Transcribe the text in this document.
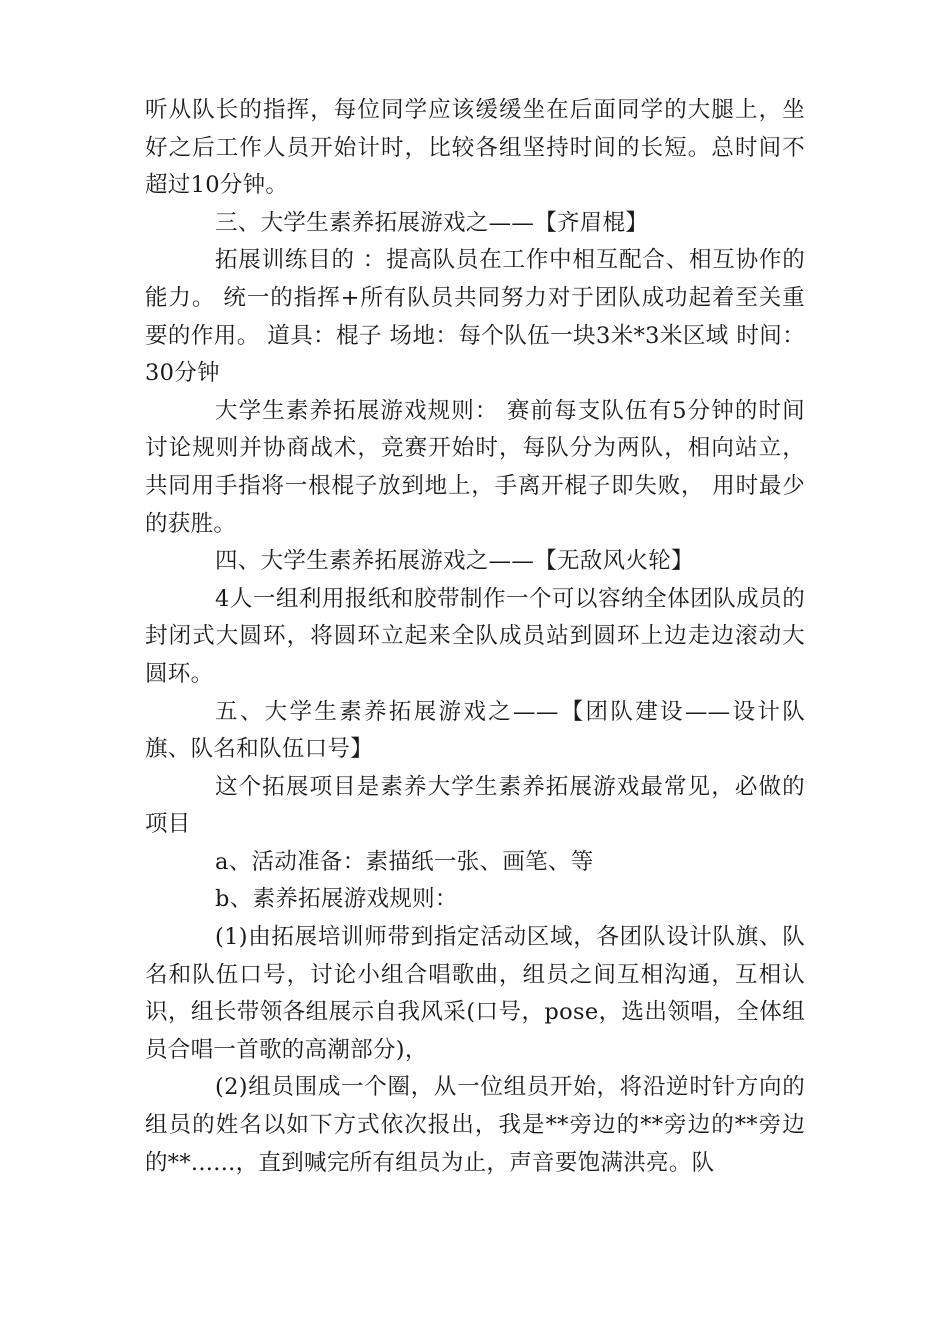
听从队长的指挥，每位同学应该缓缓坐在后面同学的大腿上，坐好之后工作人员开始计时，比较各组坚持时间的长短。总时间不超过10分钟。

三、大学生素养拓展游戏之——【齐眉棍】

拓展训练目的 ：提高队员在工作中相互配合、相互协作的能力。 统一的指挥+所有队员共同努力对于团队成功起着至关重要的作用。 道具：棍子 场地：每个队伍一块3米*3米区域 时间：30分钟

大学生素养拓展游戏规则： 赛前每支队伍有5分钟的时间讨论规则并协商战术，竞赛开始时，每队分为两队，相向站立，共同用手指将一根棍子放到地上，手离开棍子即失败， 用时最少的获胜。

四、大学生素养拓展游戏之——【无敌风火轮】

4人一组利用报纸和胶带制作一个可以容纳全体团队成员的封闭式大圆环，将圆环立起来全队成员站到圆环上边走边滚动大圆环。

五、大学生素养拓展游戏之——【团队建设——设计队旗、队名和队伍口号】

这个拓展项目是素养大学生素养拓展游戏最常见，必做的项目

a、活动准备：素描纸一张、画笔、等

b、素养拓展游戏规则：

(1)由拓展培训师带到指定活动区域，各团队设计队旗、队名和队伍口号，讨论小组合唱歌曲，组员之间互相沟通，互相认识，组长带领各组展示自我风采(口号，pose，选出领唱，全体组员合唱一首歌的高潮部分)，

(2)组员围成一个圈，从一位组员开始，将沿逆时针方向的组员的姓名以如下方式依次报出，我是**旁边的**旁边的**旁边的**......，直到喊完所有组员为止，声音要饱满洪亮。队
